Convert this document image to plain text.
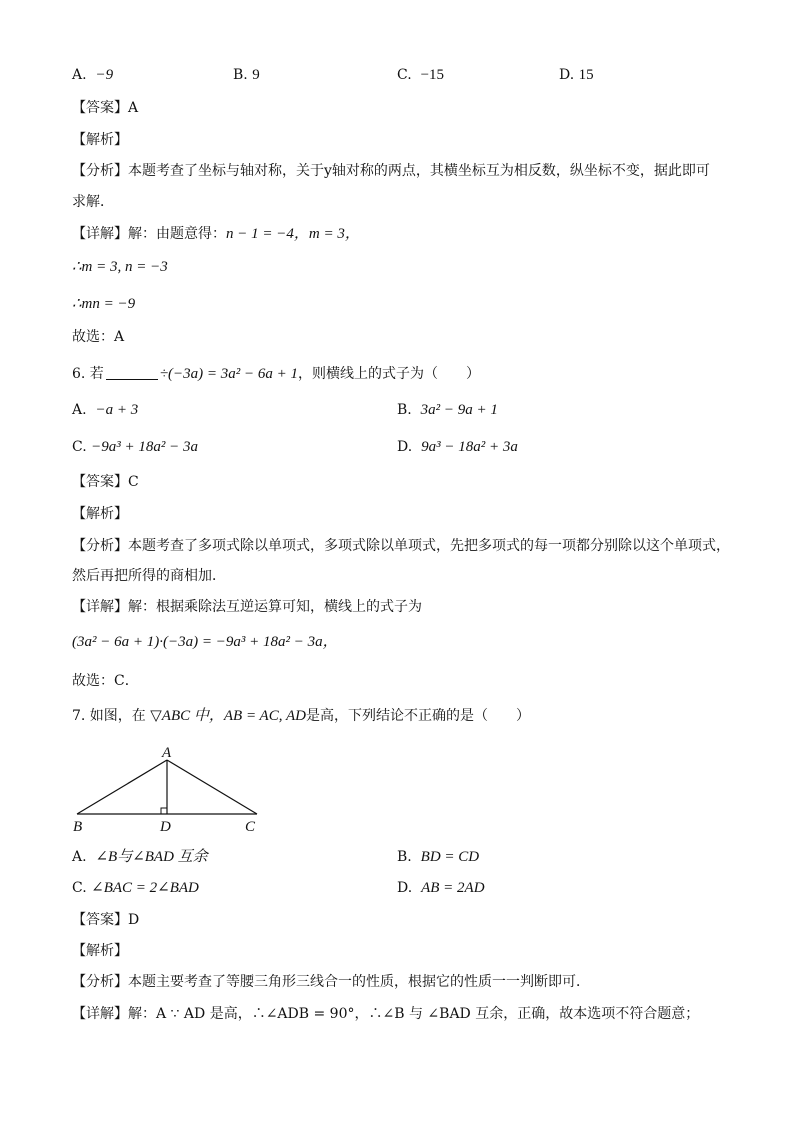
A. −9	B. 9	C. −15	D. 15
【答案】A
【解析】
【分析】本题考查了坐标与轴对称，关于y轴对称的两点，其横坐标互为相反数，纵坐标不变，据此即可
求解．
【详解】解：由题意得：n − 1 = −4，m = 3，
∴m = 3, n = −3
∴mn = −9
故选：A
6. 若	÷(−3a) = 3a² − 6a + 1，则横线上的式子为（　　）
A. −a + 3	B. 3a² − 9a + 1
C. −9a³ + 18a² − 3a	D. 9a³ − 18a² + 3a
【答案】C
【解析】
【分析】本题考查了多项式除以单项式，多项式除以单项式，先把多项式的每一项都分别除以这个单项式，
然后再把所得的商相加．
【详解】解：根据乘除法互逆运算可知，横线上的式子为
(3a² − 6a + 1)·(−3a) = −9a³ + 18a² − 3a，
故选：C．
7. 如图，在 ▽ABC 中，AB = AC, AD是高，下列结论不正确的是（　　）
A
B	D	C
A. ∠B与∠BAD 互余	B. BD = CD
C. ∠BAC = 2∠BAD	D. AB = 2AD
【答案】D
【解析】
【分析】本题主要考查了等腰三角形三线合一的性质，根据它的性质一一判断即可．
【详解】解：A ∵ AD 是高，∴∠ADB = 90°，∴∠B 与 ∠BAD 互余，正确，故本选项不符合题意；
